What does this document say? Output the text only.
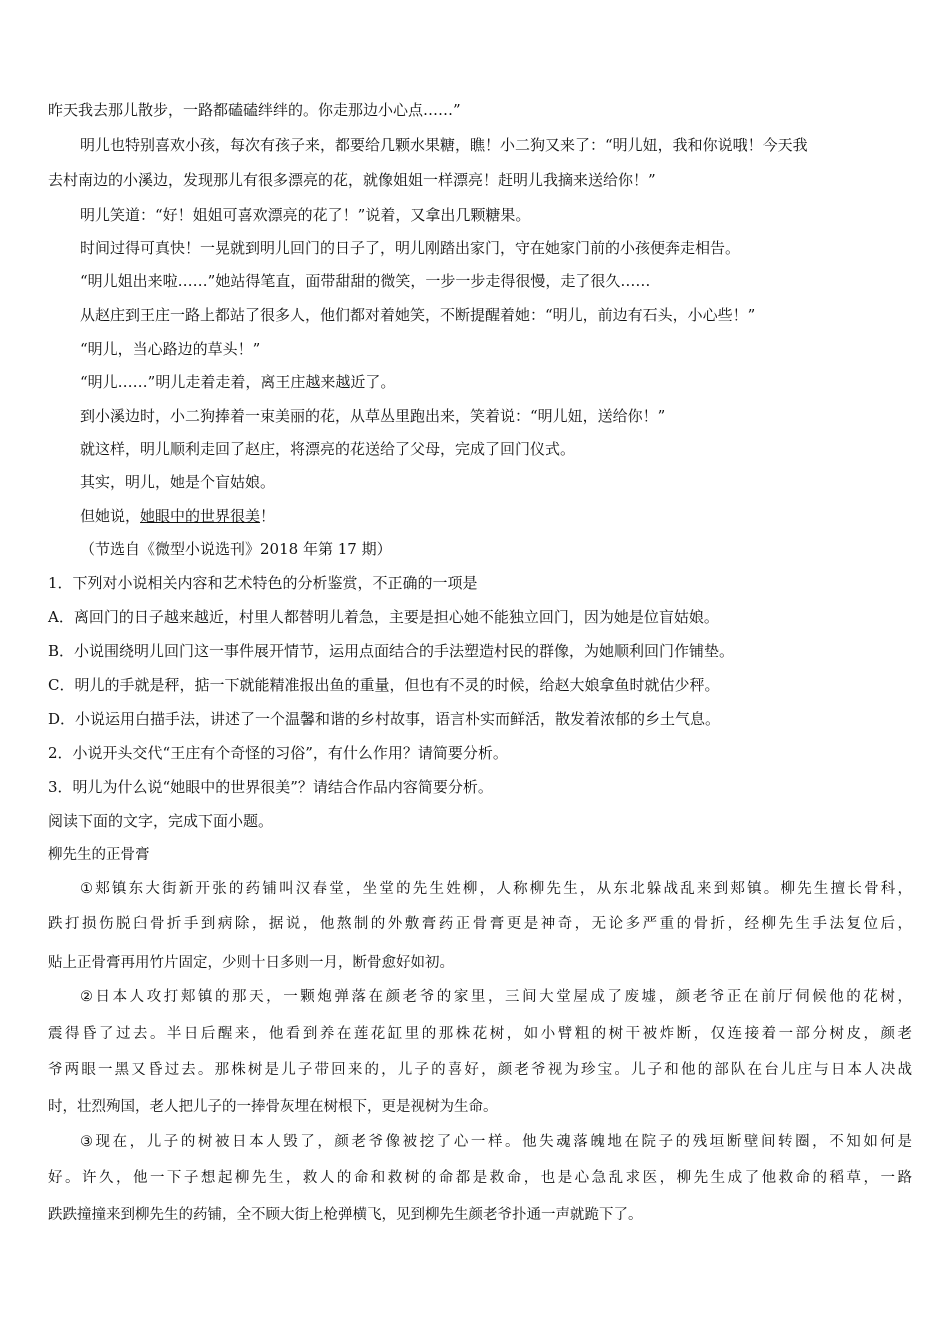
昨天我去那儿散步，一路都磕磕绊绊的。你走那边小心点……”
明儿也特别喜欢小孩，每次有孩子来，都要给几颗水果糖，瞧！小二狗又来了：“明儿妞，我和你说哦！今天我
去村南边的小溪边，发现那儿有很多漂亮的花，就像姐姐一样漂亮！赶明儿我摘来送给你！”
明儿笑道：“好！姐姐可喜欢漂亮的花了！”说着，又拿出几颗糖果。
时间过得可真快！一晃就到明儿回门的日子了，明儿刚踏出家门，守在她家门前的小孩便奔走相告。
“明儿姐出来啦……”她站得笔直，面带甜甜的微笑，一步一步走得很慢，走了很久……
从赵庄到王庄一路上都站了很多人，他们都对着她笑，不断提醒着她：“明儿，前边有石头，小心些！”
“明儿，当心路边的草头！”
“明儿……”明儿走着走着，离王庄越来越近了。
到小溪边时，小二狗捧着一束美丽的花，从草丛里跑出来，笑着说：“明儿妞，送给你！”
就这样，明儿顺利走回了赵庄，将漂亮的花送给了父母，完成了回门仪式。
其实，明儿，她是个盲姑娘。
但她说，她眼中的世界很美！
（节选自《微型小说选刊》2018 年第 17 期）
1．下列对小说相关内容和艺术特色的分析鉴赏，不正确的一项是
A．离回门的日子越来越近，村里人都替明儿着急，主要是担心她不能独立回门，因为她是位盲姑娘。
B．小说围绕明儿回门这一事件展开情节，运用点面结合的手法塑造村民的群像，为她顺利回门作铺垫。
C．明儿的手就是秤，掂一下就能精准报出鱼的重量，但也有不灵的时候，给赵大娘拿鱼时就估少秤。
D．小说运用白描手法，讲述了一个温馨和谐的乡村故事，语言朴实而鲜活，散发着浓郁的乡土气息。
2．小说开头交代“王庄有个奇怪的习俗”，有什么作用？请简要分析。
3．明儿为什么说“她眼中的世界很美”？请结合作品内容简要分析。
阅读下面的文字，完成下面小题。
柳先生的正骨膏
①郏镇东大街新开张的药铺叫汉春堂，坐堂的先生姓柳，人称柳先生，从东北躲战乱来到郏镇。柳先生擅长骨科，
跌打损伤脱臼骨折手到病除，据说，他熬制的外敷膏药正骨膏更是神奇，无论多严重的骨折，经柳先生手法复位后，
贴上正骨膏再用竹片固定，少则十日多则一月，断骨愈好如初。
②日本人攻打郏镇的那天，一颗炮弹落在颜老爷的家里，三间大堂屋成了废墟，颜老爷正在前厅伺候他的花树，
震得昏了过去。半日后醒来，他看到养在莲花缸里的那株花树，如小臂粗的树干被炸断，仅连接着一部分树皮，颜老
爷两眼一黑又昏过去。那株树是儿子带回来的，儿子的喜好，颜老爷视为珍宝。儿子和他的部队在台儿庄与日本人决战
时，壮烈殉国，老人把儿子的一捧骨灰埋在树根下，更是视树为生命。
③现在，儿子的树被日本人毁了，颜老爷像被挖了心一样。他失魂落魄地在院子的残垣断壁间转圈，不知如何是
好。许久，他一下子想起柳先生，救人的命和救树的命都是救命，也是心急乱求医，柳先生成了他救命的稻草，一路
跌跌撞撞来到柳先生的药铺，全不顾大街上枪弹横飞，见到柳先生颜老爷扑通一声就跪下了。
